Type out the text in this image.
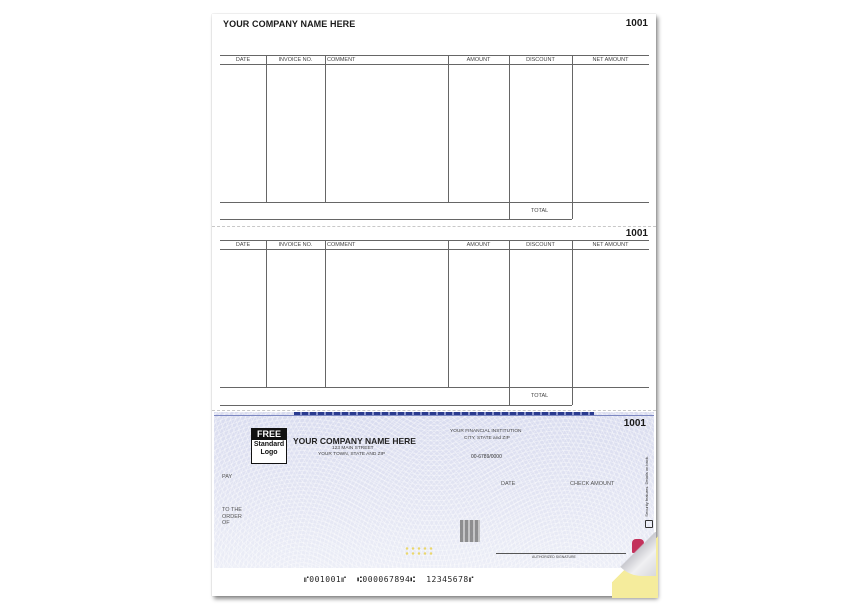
YOUR COMPANY NAME HERE	1001
DATE	INVOICE NO.	COMMENT	AMOUNT	DISCOUNT	NET AMOUNT
TOTAL
1001
DATE	INVOICE NO.	COMMENT	AMOUNT	DISCOUNT	NET AMOUNT
TOTAL
1001
FREE
Standard
Logo
YOUR COMPANY NAME HERE
123 MAIN STREET
YOUR TOWN, STATE AND ZIP
YOUR FINANCIAL INSTITUTION
CITY, STATE and ZIP
00-6789/0000
PAY
DATE	CHECK AMOUNT
TO THE
ORDER
OF
AUTHORIZED SIGNATURE
Security features. Details on back.
⑈001001⑈  ⑆000067894⑆  12345678⑈
